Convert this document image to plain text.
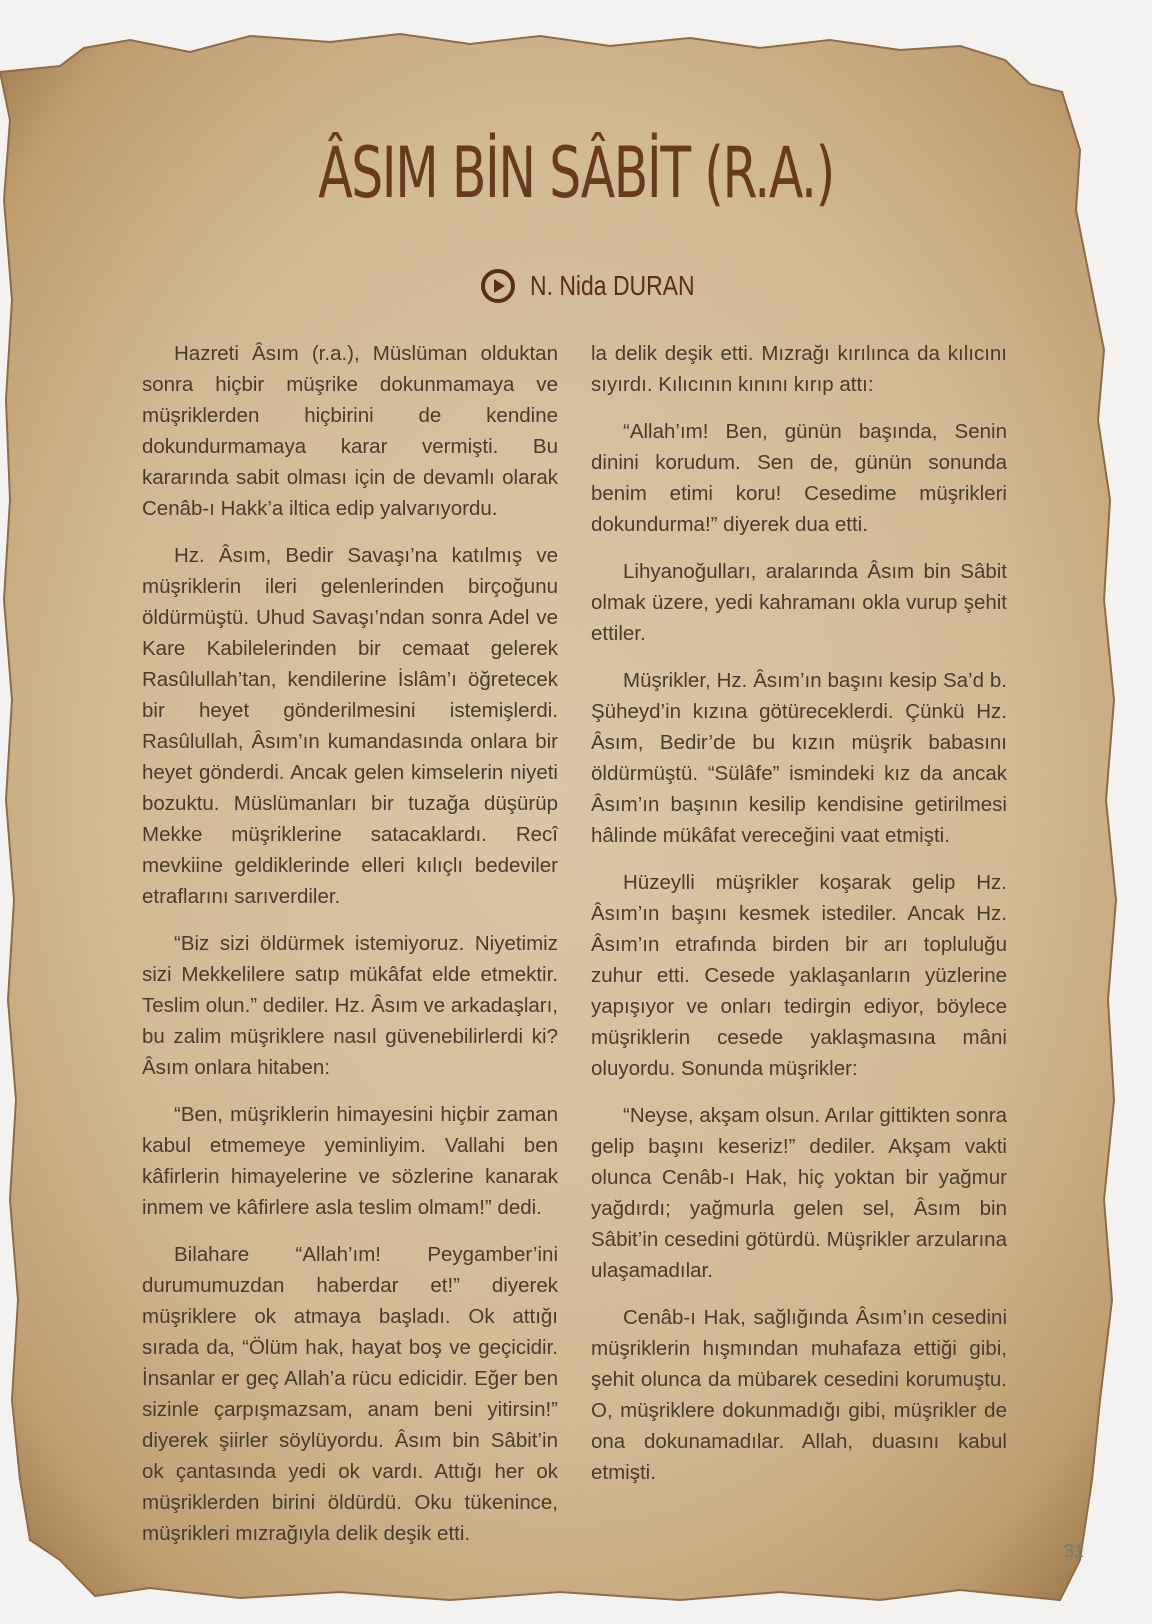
ÂSIM BİN SÂBİT (R.A.)
N. Nida DURAN

Hazreti Âsım (r.a.), Müslüman olduktan sonra hiçbir müşrike dokunmamaya ve müşriklerden hiçbirini de kendine dokundurmamaya karar vermişti. Bu kararında sabit olması için de devamlı olarak Cenâb-ı Hakk’a iltica edip yalvarıyordu.

Hz. Âsım, Bedir Savaşı’na katılmış ve müşriklerin ileri gelenlerinden birçoğunu öldürmüştü. Uhud Savaşı’ndan sonra Adel ve Kare Kabilelerinden bir cemaat gelerek Rasûlullah’tan, kendilerine İslâm’ı öğretecek bir heyet gönderilmesini istemişlerdi. Rasûlullah, Âsım’ın kumandasında onlara bir heyet gönderdi. Ancak gelen kimselerin niyeti bozuktu. Müslümanları bir tuzağa düşürüp Mekke müşriklerine satacaklardı. Recî mevkiine geldiklerinde elleri kılıçlı bedeviler etraflarını sarıverdiler.

“Biz sizi öldürmek istemiyoruz. Niyetimiz sizi Mekkelilere satıp mükâfat elde etmektir. Teslim olun.” dediler. Hz. Âsım ve arkadaşları, bu zalim müşriklere nasıl güvenebilirlerdi ki? Âsım onlara hitaben:

“Ben, müşriklerin himayesini hiçbir zaman kabul etmemeye yeminliyim. Vallahi ben kâfirlerin himayelerine ve sözlerine kanarak inmem ve kâfirlere asla teslim olmam!” dedi.

Bilahare “Allah’ım! Peygamber’ini durumumuzdan haberdar et!” diyerek müşriklere ok atmaya başladı. Ok attığı sırada da, “Ölüm hak, hayat boş ve geçicidir. İnsanlar er geç Allah’a rücu edicidir. Eğer ben sizinle çarpışmazsam, anam beni yitirsin!” diyerek şiirler söylüyordu. Âsım bin Sâbit’in ok çantasında yedi ok vardı. Attığı her ok müşriklerden birini öldürdü. Oku tükenince, müşrikleri mızrağıyla delik deşik etti.

la delik deşik etti. Mızrağı kırılınca da kılıcını sıyırdı. Kılıcının kınını kırıp attı:

“Allah’ım! Ben, günün başında, Senin dinini korudum. Sen de, günün sonunda benim etimi koru! Cesedime müşrikleri dokundurma!” diyerek dua etti.

Lihyanoğulları, aralarında Âsım bin Sâbit olmak üzere, yedi kahramanı okla vurup şehit ettiler.

Müşrikler, Hz. Âsım’ın başını kesip Sa’d b. Şüheyd’in kızına götüreceklerdi. Çünkü Hz. Âsım, Bedir’de bu kızın müşrik babasını öldürmüştü. “Sülâfe” ismindeki kız da ancak Âsım’ın başının kesilip kendisine getirilmesi hâlinde mükâfat vereceğini vaat etmişti.

Hüzeylli müşrikler koşarak gelip Hz. Âsım’ın başını kesmek istediler. Ancak Hz. Âsım’ın etrafında birden bir arı topluluğu zuhur etti. Cesede yaklaşanların yüzlerine yapışıyor ve onları tedirgin ediyor, böylece müşriklerin cesede yaklaşmasına mâni oluyordu. Sonunda müşrikler:

“Neyse, akşam olsun. Arılar gittikten sonra gelip başını keseriz!” dediler. Akşam vakti olunca Cenâb-ı Hak, hiç yoktan bir yağmur yağdırdı; yağmurla gelen sel, Âsım bin Sâbit’in cesedini götürdü. Müşrikler arzularına ulaşamadılar.

Cenâb-ı Hak, sağlığında Âsım’ın cesedini müşriklerin hışmından muhafaza ettiği gibi, şehit olunca da mübarek cesedini korumuştu. O, müşriklere dokunmadığı gibi, müşrikler de ona dokunamadılar. Allah, duasını kabul etmişti.

31
